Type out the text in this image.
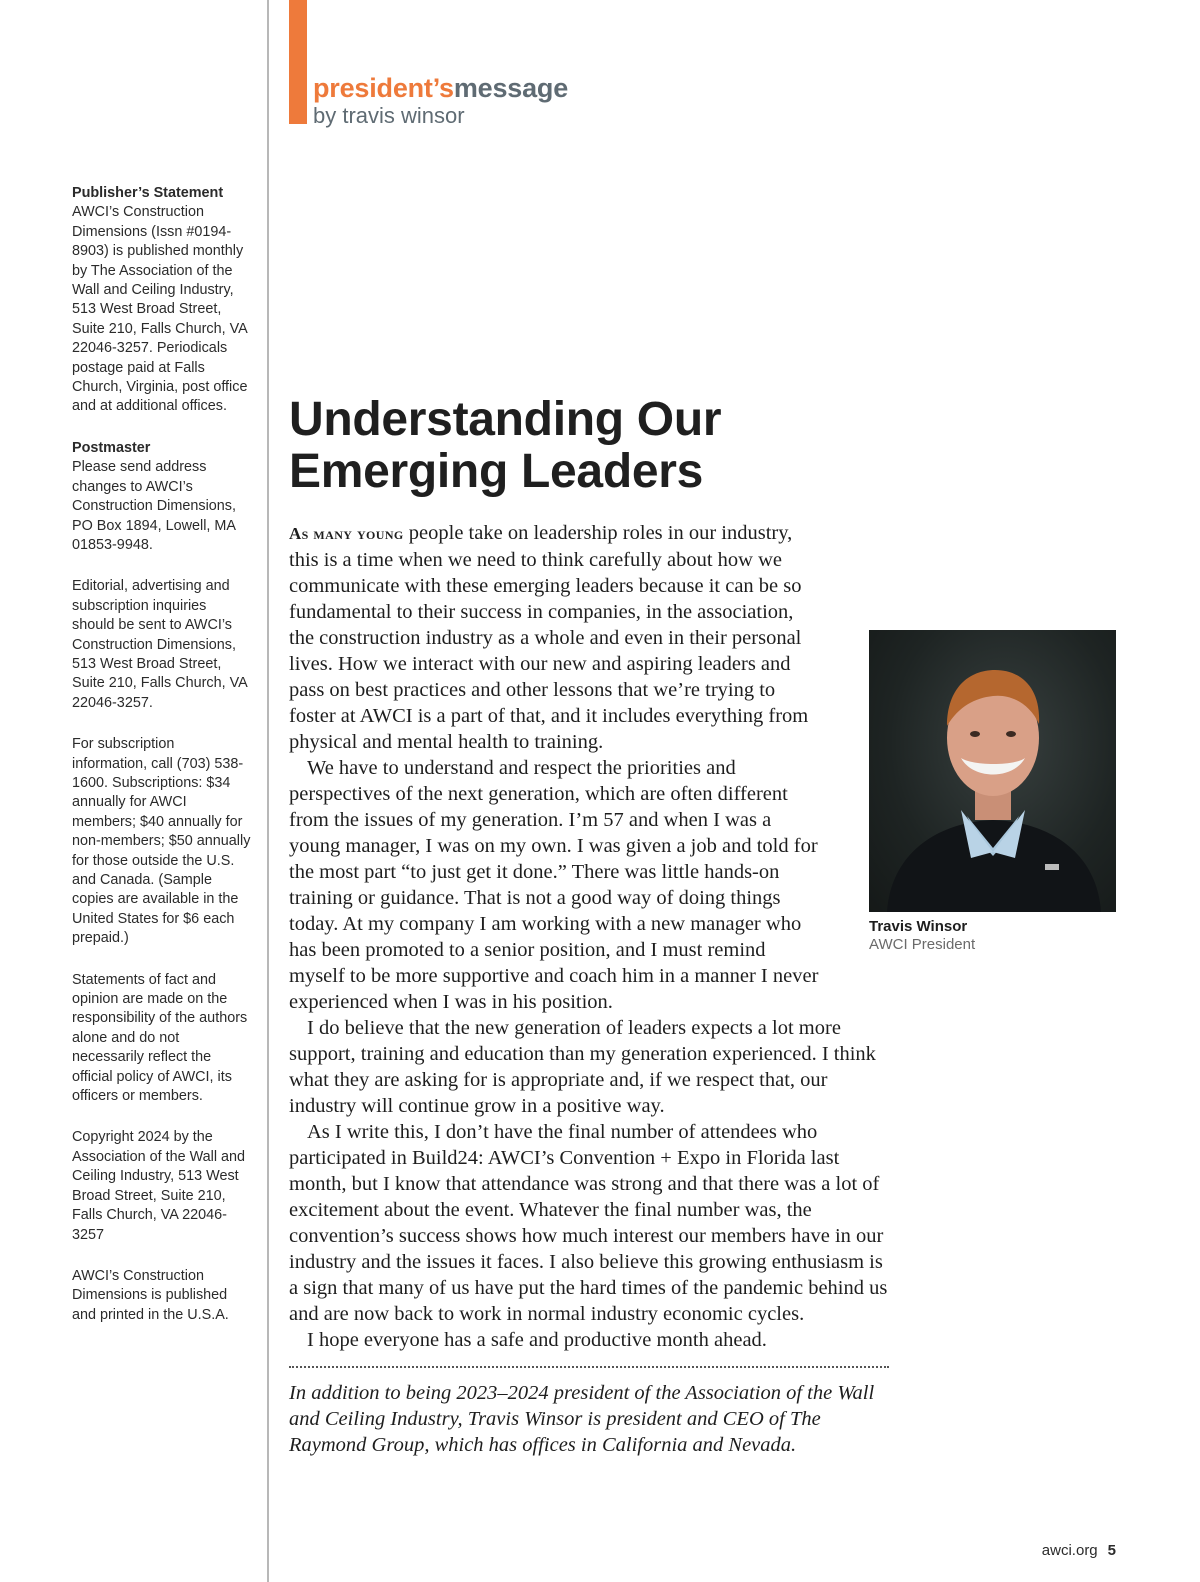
Publisher’s Statement
AWCI’s Construction Dimensions (Issn #0194-8903) is published monthly by The Association of the Wall and Ceiling Industry, 513 West Broad Street, Suite 210, Falls Church, VA 22046-3257. Periodicals postage paid at Falls Church, Virginia, post office and at additional offices.

Postmaster
Please send address changes to AWCI’s Construction Dimensions, PO Box 1894, Lowell, MA 01853-9948.

Editorial, advertising and subscription inquiries should be sent to AWCI’s Construction Dimensions, 513 West Broad Street, Suite 210, Falls Church, VA 22046-3257.

For subscription information, call (703) 538-1600. Subscriptions: $34 annually for AWCI members; $40 annually for non-members; $50 annually for those outside the U.S. and Canada. (Sample copies are available in the United States for $6 each prepaid.)

Statements of fact and opinion are made on the responsibility of the authors alone and do not necessarily reflect the official policy of AWCI, its officers or members.

Copyright 2024 by the Association of the Wall and Ceiling Industry, 513 West Broad Street, Suite 210, Falls Church, VA 22046-3257

AWCI’s Construction Dimensions is published and printed in the U.S.A.

president’smessage
by travis winsor
Understanding Our Emerging Leaders

As many young people take on leadership roles in our industry, this is a time when we need to think carefully about how we communicate with these emerging leaders because it can be so fundamental to their success in companies, in the association, the construction industry as a whole and even in their personal lives. How we interact with our new and aspiring leaders and pass on best practices and other lessons that we’re trying to foster at AWCI is a part of that, and it includes everything from physical and mental health to training.

We have to understand and respect the priorities and perspectives of the next generation, which are often different from the issues of my generation. I’m 57 and when I was a young manager, I was on my own. I was given a job and told for the most part “to just get it done.” There was little hands-on training or guidance. That is not a good way of doing things today. At my company I am working with a new manager who has been promoted to a senior position, and I must remind myself to be more supportive and coach him in a manner I never experienced when I was in his position.

I do believe that the new generation of leaders expects a lot more support, training and education than my generation experienced. I think what they are asking for is appropriate and, if we respect that, our industry will continue grow in a positive way.

As I write this, I don’t have the final number of attendees who participated in Build24: AWCI’s Convention + Expo in Florida last month, but I know that attendance was strong and that there was a lot of excitement about the event. Whatever the final number was, the convention’s success shows how much interest our members have in our industry and the issues it faces. I also believe this growing enthusiasm is a sign that many of us have put the hard times of the pandemic behind us and are now back to work in normal industry economic cycles.

I hope everyone has a safe and productive month ahead.

Travis Winsor
AWCI President

In addition to being 2023–2024 president of the Association of the Wall and Ceiling Industry, Travis Winsor is president and CEO of The Raymond Group, which has offices in California and Nevada.

awci.org 5
